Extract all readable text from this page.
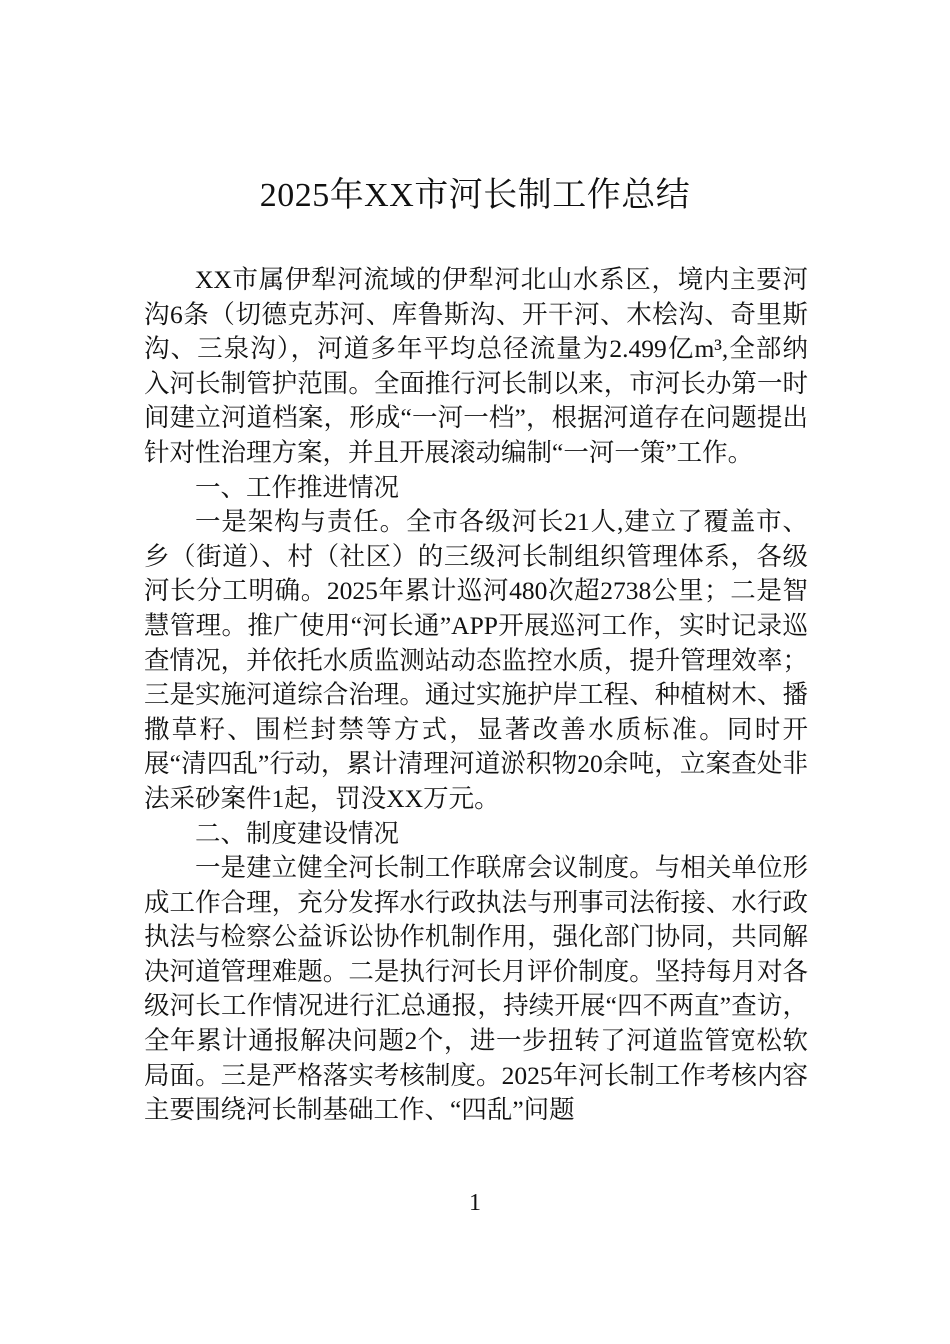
2025年XX市河长制工作总结

XX市属伊犁河流域的伊犁河北山水系区，境内主要河沟6条（切德克苏河、库鲁斯沟、开干河、木桧沟、奇里斯沟、三泉沟），河道多年平均总径流量为2.499亿m³,全部纳入河长制管护范围。全面推行河长制以来，市河长办第一时间建立河道档案，形成“一河一档”，根据河道存在问题提出针对性治理方案，并且开展滚动编制“一河一策”工作。

一、工作推进情况

一是架构与责任。全市各级河长21人,建立了覆盖市、乡（街道）、村（社区）的三级河长制组织管理体系，各级河长分工明确。2025年累计巡河480次超2738公里；二是智慧管理。推广使用“河长通”APP开展巡河工作，实时记录巡查情况，并依托水质监测站动态监控水质，提升管理效率；三是实施河道综合治理。通过实施护岸工程、种植树木、播撒草籽、围栏封禁等方式，显著改善水质标准。同时开展“清四乱”行动，累计清理河道淤积物20余吨，立案查处非法采砂案件1起，罚没XX万元。

二、制度建设情况

一是建立健全河长制工作联席会议制度。与相关单位形成工作合理，充分发挥水行政执法与刑事司法衔接、水行政执法与检察公益诉讼协作机制作用，强化部门协同，共同解决河道管理难题。二是执行河长月评价制度。坚持每月对各级河长工作情况进行汇总通报，持续开展“四不两直”查访，全年累计通报解决问题2个，进一步扭转了河道监管宽松软局面。三是严格落实考核制度。2025年河长制工作考核内容主要围绕河长制基础工作、“四乱”问题

1
